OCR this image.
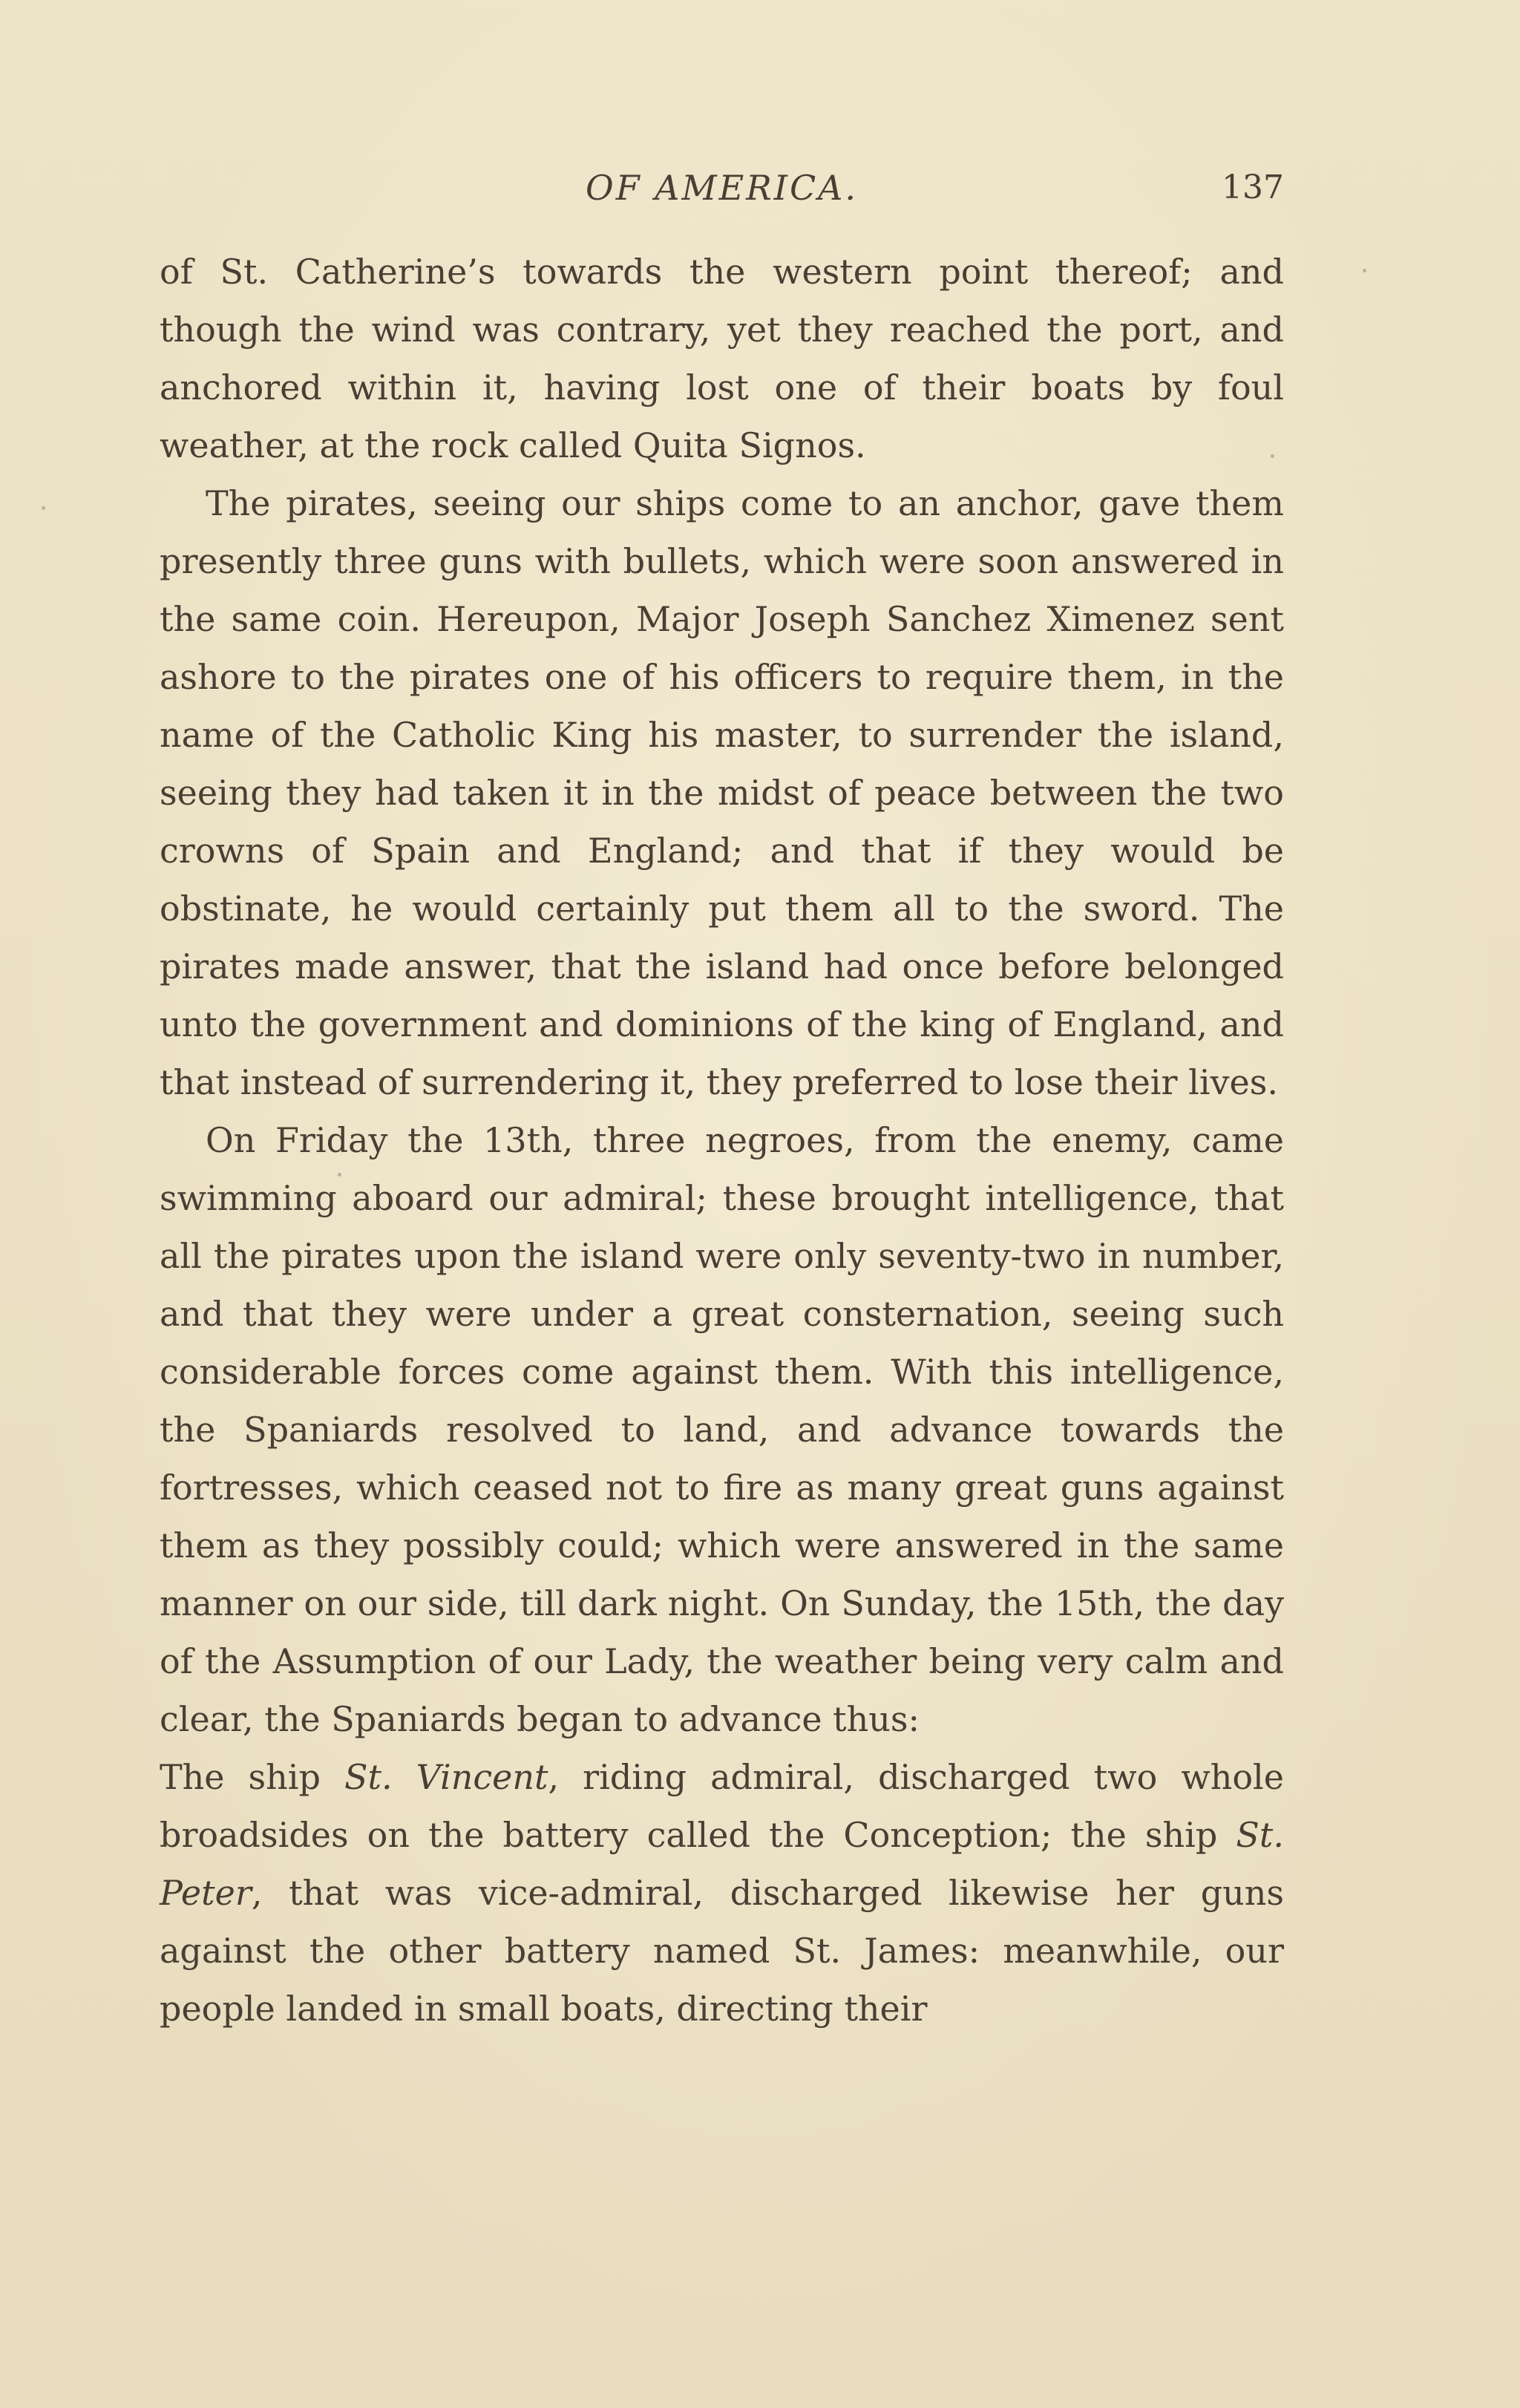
OF AMERICA.	137

of St. Catherine’s towards the western point thereof; and though the wind was contrary, yet they reached the port, and anchored within it, having lost one of their boats by foul weather, at the rock called Quita Signos.

The pirates, seeing our ships come to an anchor, gave them presently three guns with bullets, which were soon answered in the same coin. Hereupon, Major Joseph Sanchez Ximenez sent ashore to the pirates one of his officers to require them, in the name of the Catholic King his master, to surrender the island, seeing they had taken it in the midst of peace between the two crowns of Spain and England; and that if they would be obstinate, he would certainly put them all to the sword. The pirates made answer, that the island had once before belonged unto the government and dominions of the king of England, and that instead of surrendering it, they preferred to lose their lives.

On Friday the 13th, three negroes, from the enemy, came swimming aboard our admiral; these brought intelligence, that all the pirates upon the island were only seventy-two in number, and that they were under a great consternation, seeing such considerable forces come against them. With this intelligence, the Spaniards resolved to land, and advance towards the fortresses, which ceased not to fire as many great guns against them as they possibly could; which were answered in the same manner on our side, till dark night. On Sunday, the 15th, the day of the Assumption of our Lady, the weather being very calm and clear, the Spaniards began to advance thus:

The ship St. Vincent, riding admiral, discharged two whole broadsides on the battery called the Conception; the ship St. Peter, that was vice-admiral, discharged likewise her guns against the other battery named St. James: meanwhile, our people landed in small boats, directing their
